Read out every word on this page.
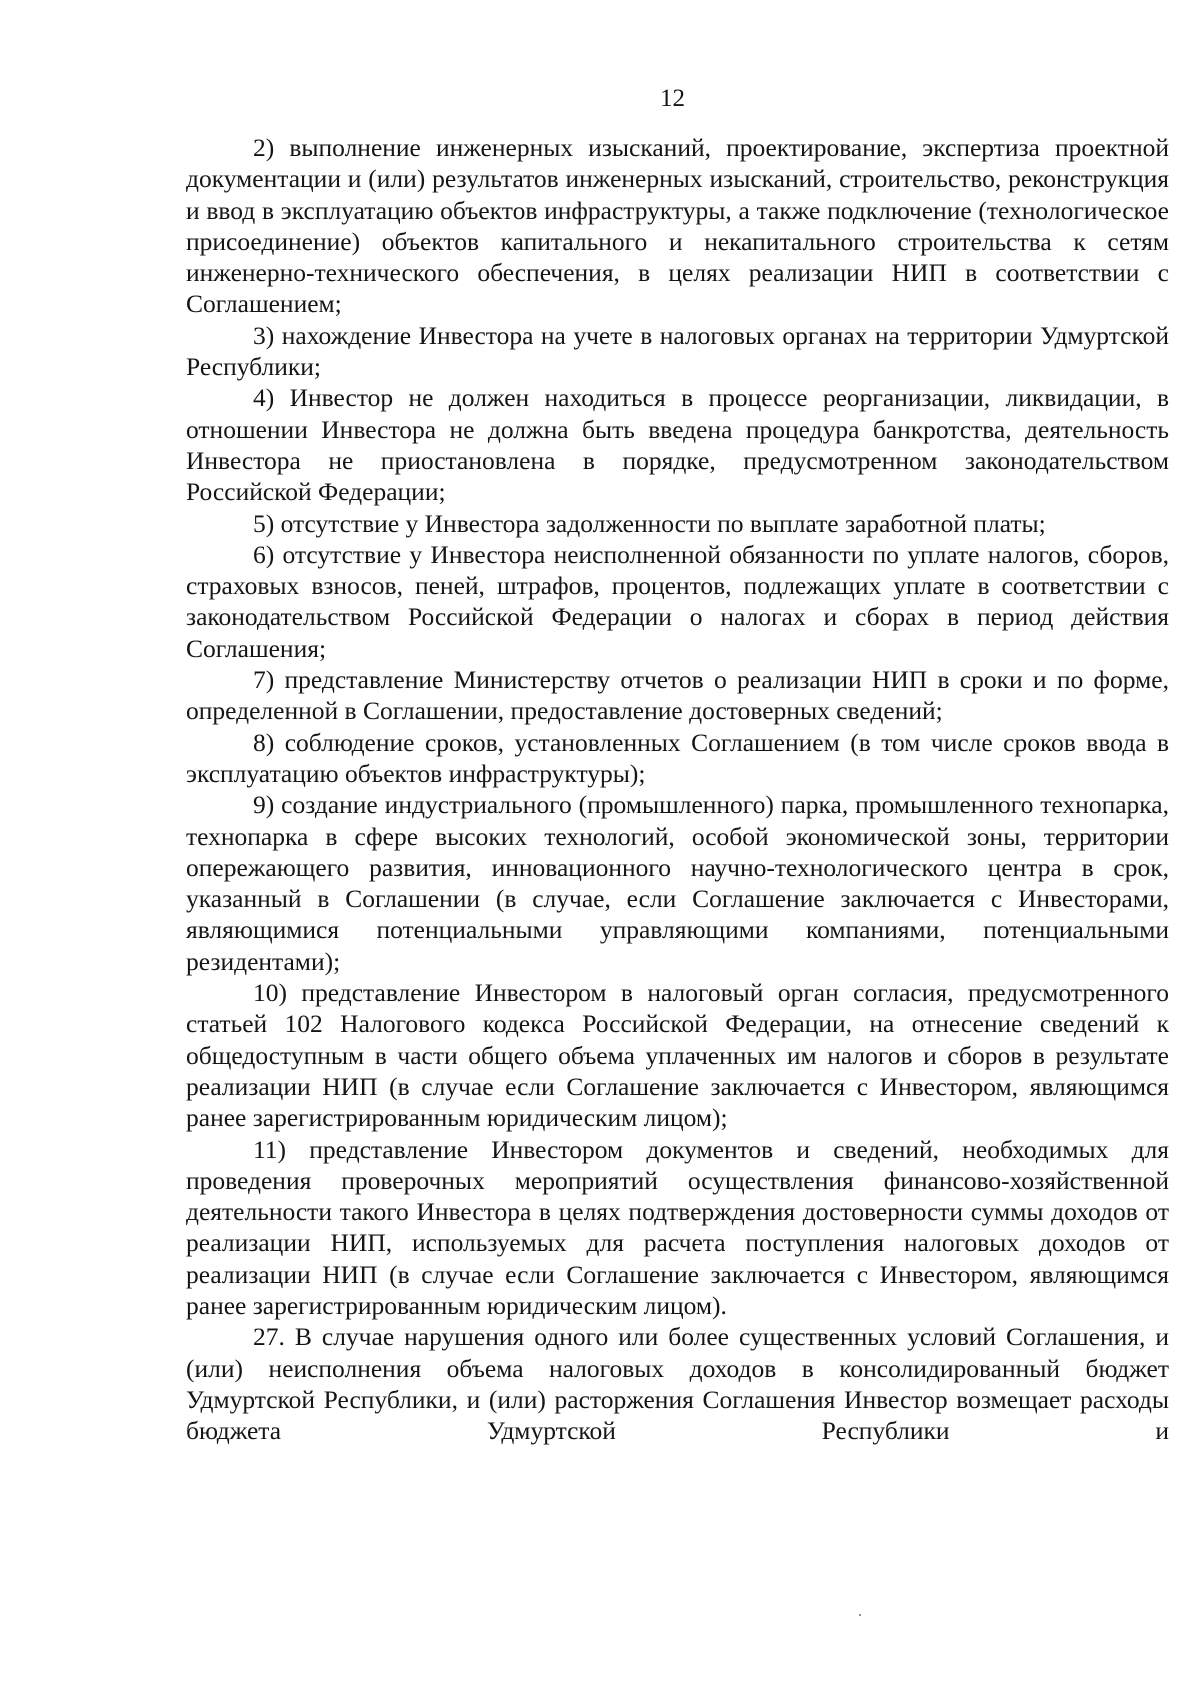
12

2) выполнение инженерных изысканий, проектирование, экспертиза проектной документации и (или) результатов инженерных изысканий, строительство, реконструкция и ввод в эксплуатацию объектов инфраструктуры, а также подключение (технологическое присоединение) объектов капитального и некапитального строительства к сетям инженерно-технического обеспечения, в целях реализации НИП в соответствии с Соглашением;

3) нахождение Инвестора на учете в налоговых органах на территории Удмуртской Республики;

4) Инвестор не должен находиться в процессе реорганизации, ликвидации, в отношении Инвестора не должна быть введена процедура банкротства, деятельность Инвестора не приостановлена в порядке, предусмотренном законодательством Российской Федерации;

5) отсутствие у Инвестора задолженности по выплате заработной платы;

6) отсутствие у Инвестора неисполненной обязанности по уплате налогов, сборов, страховых взносов, пеней, штрафов, процентов, подлежащих уплате в соответствии с законодательством Российской Федерации о налогах и сборах в период действия Соглашения;

7) представление Министерству отчетов о реализации НИП в сроки и по форме, определенной в Соглашении, предоставление достоверных сведений;

8) соблюдение сроков, установленных Соглашением (в том числе сроков ввода в эксплуатацию объектов инфраструктуры);

9) создание индустриального (промышленного) парка, промышленного технопарка, технопарка в сфере высоких технологий, особой экономической зоны, территории опережающего развития, инновационного научно-технологического центра в срок, указанный в Соглашении (в случае, если Соглашение заключается с Инвесторами, являющимися потенциальными управляющими компаниями, потенциальными резидентами);

10) представление Инвестором в налоговый орган согласия, предусмотренного статьей 102 Налогового кодекса Российской Федерации, на отнесение сведений к общедоступным в части общего объема уплаченных им налогов и сборов в результате реализации НИП (в случае если Соглашение заключается с Инвестором, являющимся ранее зарегистрированным юридическим лицом);

11) представление Инвестором документов и сведений, необходимых для проведения проверочных мероприятий осуществления финансово-хозяйственной деятельности такого Инвестора в целях подтверждения достоверности суммы доходов от реализации НИП, используемых для расчета поступления налоговых доходов от реализации НИП (в случае если Соглашение заключается с Инвестором, являющимся ранее зарегистрированным юридическим лицом).

27. В случае нарушения одного или более существенных условий Соглашения, и (или) неисполнения объема налоговых доходов в консолидированный бюджет Удмуртской Республики, и (или) расторжения Соглашения Инвестор возмещает расходы бюджета Удмуртской Республики и
